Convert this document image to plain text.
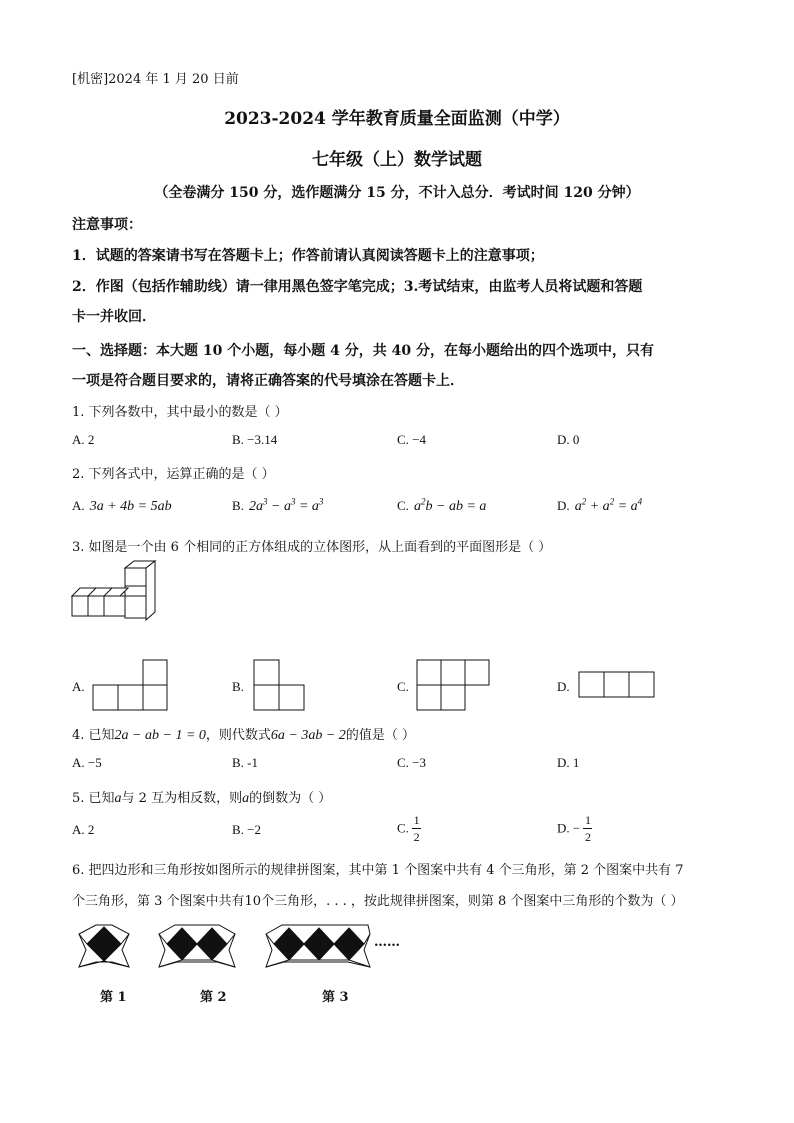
[机密]2024 年 1 月 20 日前
2023-2024 学年教育质量全面监测（中学）
七年级（上）数学试题
（全卷满分 150 分，选作题满分 15 分，不计入总分．考试时间 120 分钟）
注意事项：
1．试题的答案请书写在答题卡上；作答前请认真阅读答题卡上的注意事项；
2．作图（包括作辅助线）请一律用黑色签字笔完成；3.考试结束，由监考人员将试题和答题
卡一并收回．
一、选择题：本大题 10 个小题，每小题 4 分，共 40 分，在每小题给出的四个选项中，只有
一项是符合题目要求的，请将正确答案的代号填涂在答题卡上．
1. 下列各数中，其中最小的数是（ ）
A. 2	B. −3.14	C. −4	D. 0
2. 下列各式中，运算正确的是（ ）
A. 3a + 4b = 5ab	B. $2a^3 - a^3 = a^3$	C. $a^2b$ − ab = a	D. $a^2 + a^2 = a^4$
3. 如图是一个由 6 个相同的正方体组成的立体图形，从上面看到的平面图形是（ ）
A.	B.	C.	D.
4. 已知2a − ab − 1 = 0，则代数式6a − 3ab − 2的值是（ ）
A. −5	B. -1	C. −3	D. 1
5. 已知a与 2 互为相反数，则a的倒数为（ ）
A. 2	B. −2	C. $\frac{1}{2}$	D. − $\frac{1}{2}$
6. 把四边形和三角形按如图所示的规律拼图案，其中第 1 个图案中共有 4 个三角形，第 2 个图案中共有 7
个三角形，第 3 个图案中共有10个三角形，. . . ，按此规律拼图案，则第 8 个图案中三角形的个数为（ ）
……
第 1	第 2	第 3
